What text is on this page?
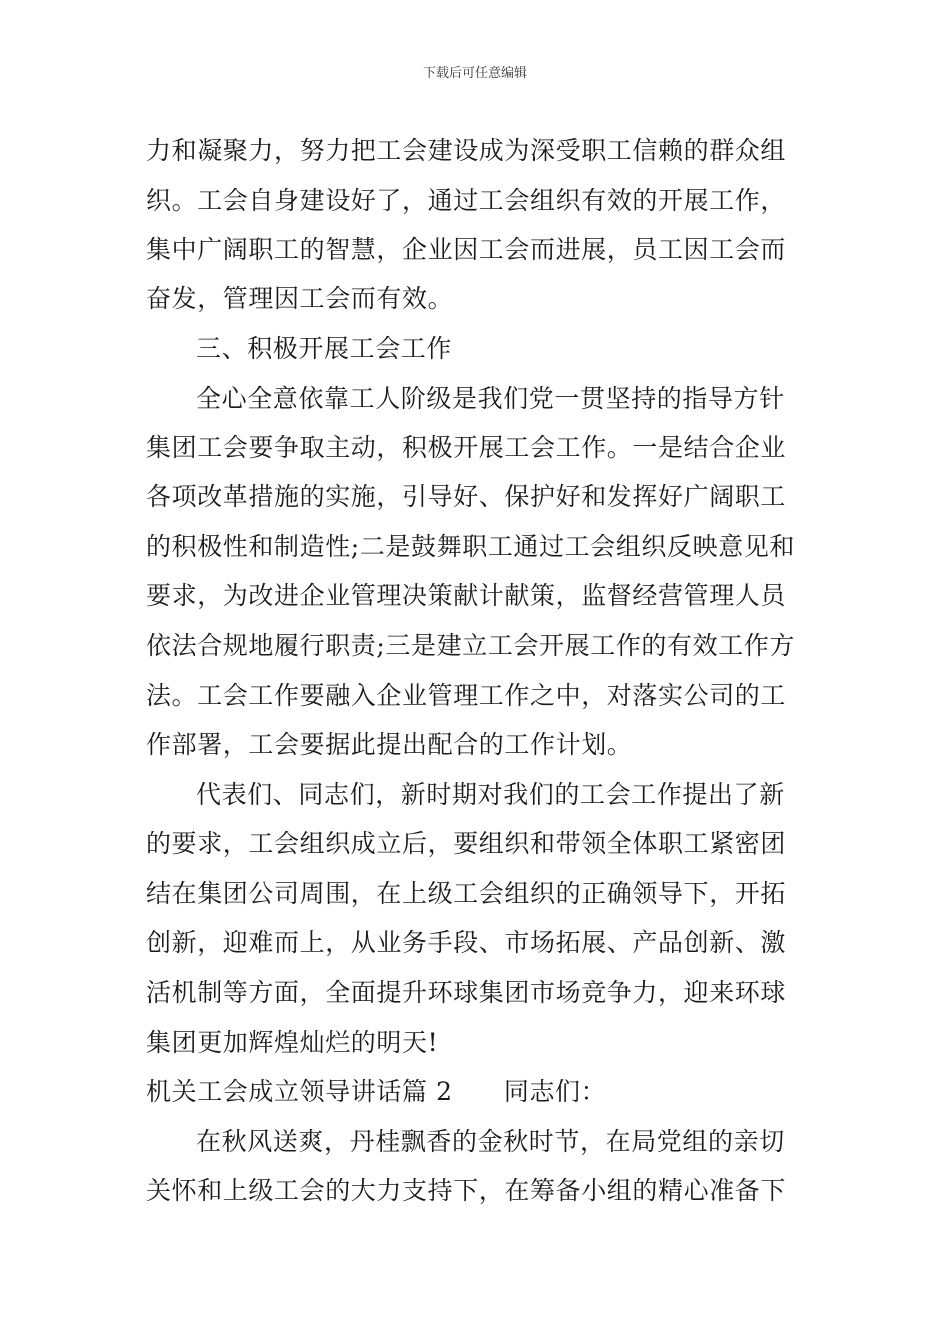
下载后可任意编辑
力和凝聚力，努力把工会建设成为深受职工信赖的群众组
织。工会自身建设好了，通过工会组织有效的开展工作，
集中广阔职工的智慧，企业因工会而进展，员工因工会而
奋发，管理因工会而有效。
三、积极开展工会工作
全心全意依靠工人阶级是我们党一贯坚持的指导方针
集团工会要争取主动，积极开展工会工作。一是结合企业
各项改革措施的实施，引导好、保护好和发挥好广阔职工
的积极性和制造性;二是鼓舞职工通过工会组织反映意见和
要求，为改进企业管理决策献计献策，监督经营管理人员
依法合规地履行职责;三是建立工会开展工作的有效工作方
法。工会工作要融入企业管理工作之中，对落实公司的工
作部署，工会要据此提出配合的工作计划。
代表们、同志们，新时期对我们的工会工作提出了新
的要求，工会组织成立后，要组织和带领全体职工紧密团
结在集团公司周围，在上级工会组织的正确领导下，开拓
创新，迎难而上，从业务手段、市场拓展、产品创新、激
活机制等方面，全面提升环球集团市场竞争力，迎来环球
集团更加辉煌灿烂的明天!
机关工会成立领导讲话篇 2　　同志们：
在秋风送爽，丹桂飘香的金秋时节，在局党组的亲切
关怀和上级工会的大力支持下，在筹备小组的精心准备下
